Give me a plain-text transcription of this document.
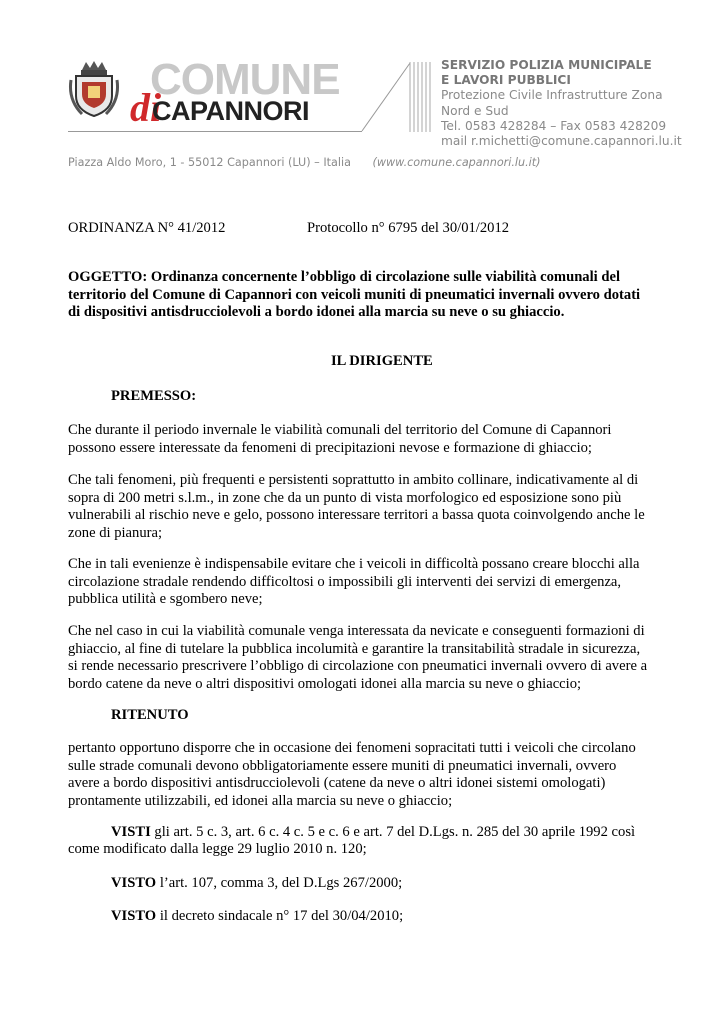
COMUNE
di
CAPANNORI
SERVIZIO POLIZIA MUNICIPALE
E LAVORI PUBBLICI
Protezione Civile Infrastrutture Zona
Nord e Sud
Tel. 0583 428284 – Fax 0583 428209
mail r.michetti@comune.capannori.lu.it
Piazza Aldo Moro, 1 - 55012 Capannori (LU) – Italia (www.comune.capannori.lu.it)
ORDINANZA N° 41/2012	Protocollo n° 6795 del 30/01/2012
OGGETTO: Ordinanza concernente l’obbligo di circolazione sulle viabilità comunali del
territorio del Comune di Capannori con veicoli muniti di pneumatici invernali ovvero dotati
di dispositivi antisdrucciolevoli a bordo idonei alla marcia su neve o su ghiaccio.
IL DIRIGENTE
PREMESSO:
Che durante il periodo invernale le viabilità comunali del territorio del Comune di Capannori
possono essere interessate da fenomeni di precipitazioni nevose e formazione di ghiaccio;
Che tali fenomeni, più frequenti e persistenti soprattutto in ambito collinare, indicativamente al di
sopra di 200 metri s.l.m., in zone che da un punto di vista morfologico ed esposizione sono più
vulnerabili al rischio neve e gelo, possono interessare territori a bassa quota coinvolgendo anche le
zone di pianura;
Che in tali evenienze è indispensabile evitare che i veicoli in difficoltà possano creare blocchi alla
circolazione stradale rendendo difficoltosi o impossibili gli interventi dei servizi di emergenza,
pubblica utilità e sgombero neve;
Che nel caso in cui la viabilità comunale venga interessata da nevicate e conseguenti formazioni di
ghiaccio, al fine di tutelare la pubblica incolumità e garantire la transitabilità stradale in sicurezza,
si rende necessario prescrivere l’obbligo di circolazione con pneumatici invernali ovvero di avere a
bordo catene da neve o altri dispositivi omologati idonei alla marcia su neve o ghiaccio;
RITENUTO
pertanto opportuno disporre che in occasione dei fenomeni sopracitati tutti i veicoli che circolano
sulle strade comunali devono obbligatoriamente essere muniti di pneumatici invernali, ovvero
avere a bordo dispositivi antisdrucciolevoli (catene da neve o altri idonei sistemi omologati)
prontamente utilizzabili, ed idonei alla marcia su neve o ghiaccio;
VISTI gli art. 5 c. 3, art. 6 c. 4 c. 5 e c. 6 e art. 7 del D.Lgs. n. 285 del 30 aprile 1992 così
come modificato dalla legge 29 luglio 2010 n. 120;
VISTO l’art. 107, comma 3, del D.Lgs 267/2000;
VISTO il decreto sindacale n° 17 del 30/04/2010;
